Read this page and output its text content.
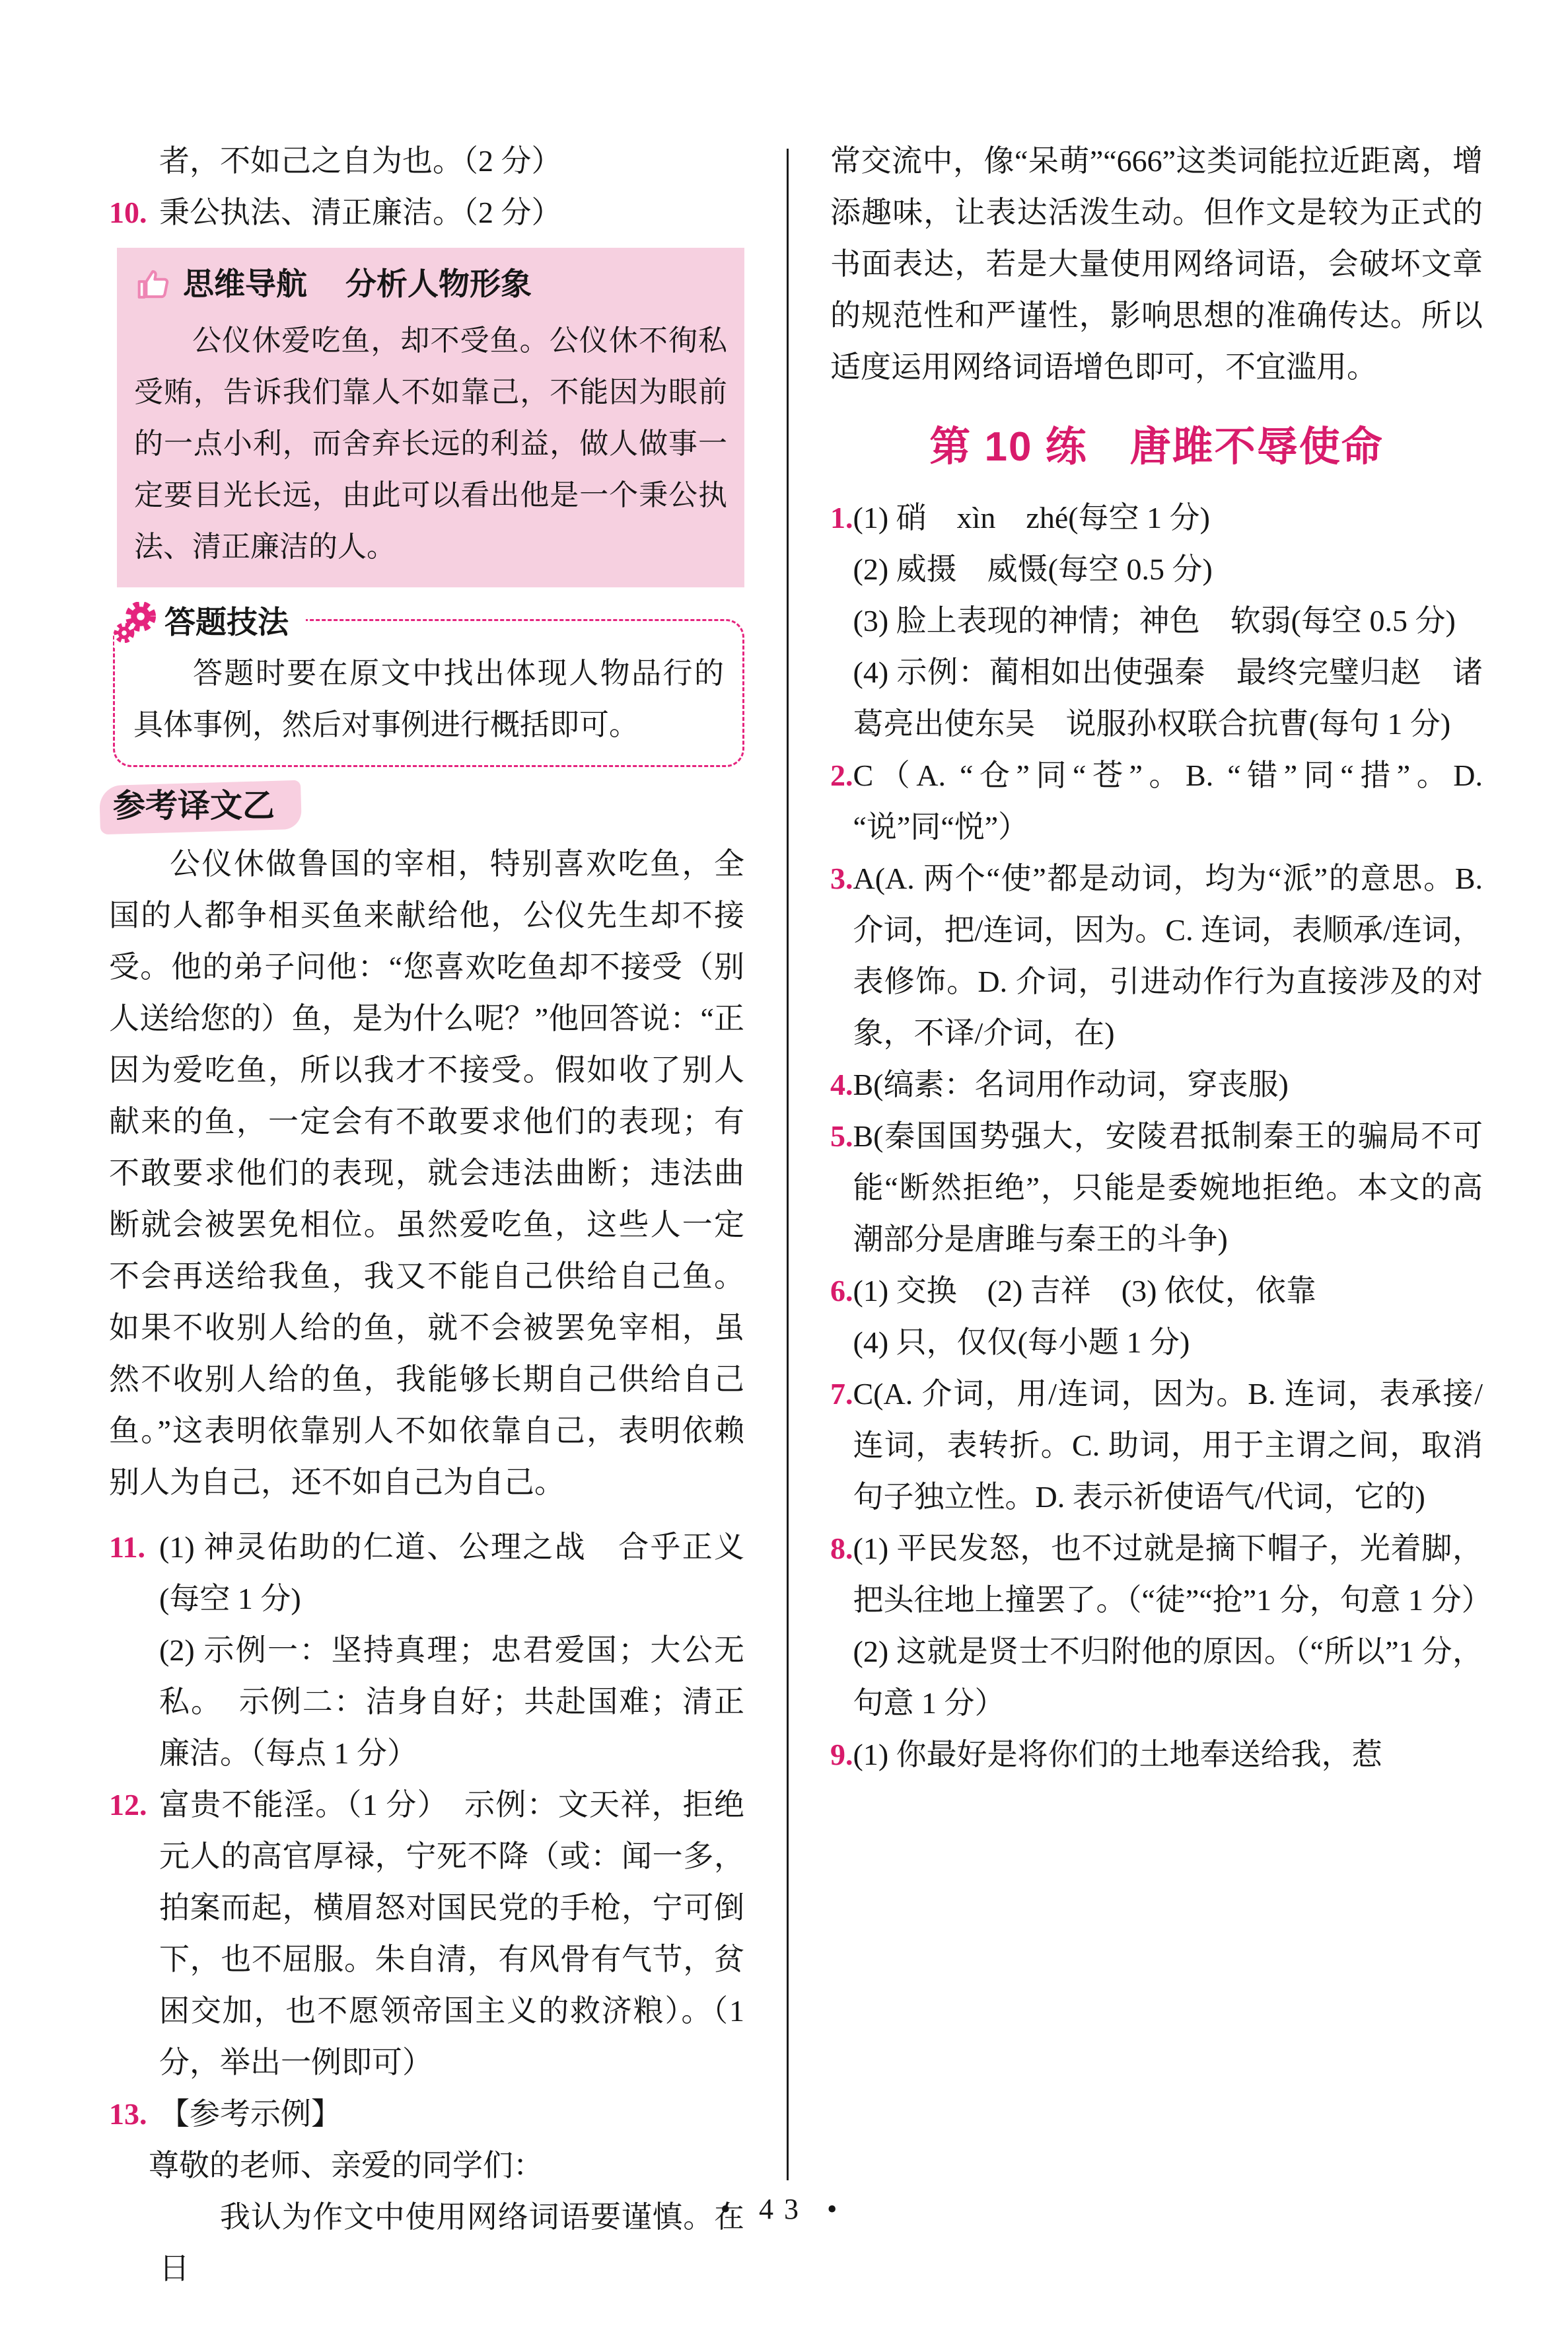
者，不如己之自为也。（2 分）

10. 秉公执法、清正廉洁。（2 分）

思维导航 分析人物形象

公仪休爱吃鱼，却不受鱼。公仪休不徇私受贿，告诉我们靠人不如靠己，不能因为眼前的一点小利，而舍弃长远的利益，做人做事一定要目光长远，由此可以看出他是一个秉公执法、清正廉洁的人。

答题技法

答题时要在原文中找出体现人物品行的具体事例，然后对事例进行概括即可。

参考译文乙

公仪休做鲁国的宰相，特别喜欢吃鱼，全国的人都争相买鱼来献给他，公仪先生却不接受。他的弟子问他：“您喜欢吃鱼却不接受（别人送给您的）鱼，是为什么呢？”他回答说：“正因为爱吃鱼，所以我才不接受。假如收了别人献来的鱼，一定会有不敢要求他们的表现；有不敢要求他们的表现，就会违法曲断；违法曲断就会被罢免相位。虽然爱吃鱼，这些人一定不会再送给我鱼，我又不能自己供给自己鱼。如果不收别人给的鱼，就不会被罢免宰相，虽然不收别人给的鱼，我能够长期自己供给自己鱼。”这表明依靠别人不如依靠自己，表明依赖别人为自己，还不如自己为自己。

11. (1) 神灵佑助的仁道、公理之战　合乎正义(每空 1 分)

(2) 示例一：坚持真理；忠君爱国；大公无私。　示例二：洁身自好；共赴国难；清正廉洁。（每点 1 分）

12. 富贵不能淫。（1 分）　示例：文天祥，拒绝元人的高官厚禄，宁死不降（或：闻一多，拍案而起，横眉怒对国民党的手枪，宁可倒下，也不屈服。朱自清，有风骨有气节，贫困交加，也不愿领帝国主义的救济粮）。（1 分，举出一例即可）

13. 【参考示例】

尊敬的老师、亲爱的同学们：

我认为作文中使用网络词语要谨慎。在日

常交流中，像“呆萌”“666”这类词能拉近距离，增添趣味，让表达活泼生动。但作文是较为正式的书面表达，若是大量使用网络词语，会破坏文章的规范性和严谨性，影响思想的准确传达。所以适度运用网络词语增色即可，不宜滥用。

第 10 练　唐雎不辱使命
1. (1) 硝　xìn　zhé(每空 1 分)

(2) 威摄　威慑(每空 0.5 分)

(3) 脸上表现的神情；神色　软弱(每空 0.5 分)

(4) 示例：蔺相如出使强秦　最终完璧归赵　诸葛亮出使东吴　说服孙权联合抗曹(每句 1 分)

2. C（A. “仓”同“苍”。B. “错”同“措”。D. “说”同“悦”）

3. A(A. 两个“使”都是动词，均为“派”的意思。B. 介词，把/连词，因为。C. 连词，表顺承/连词，表修饰。D. 介词，引进动作行为直接涉及的对象，不译/介词，在)

4. B(缟素：名词用作动词，穿丧服)

5. B(秦国国势强大，安陵君抵制秦王的骗局不可能“断然拒绝”，只能是委婉地拒绝。本文的高潮部分是唐雎与秦王的斗争)

6. (1) 交换　(2) 吉祥　(3) 依仗，依靠

(4) 只，仅仅(每小题 1 分)

7. C(A. 介词，用/连词，因为。B. 连词，表承接/连词，表转折。C. 助词，用于主谓之间，取消句子独立性。D. 表示祈使语气/代词，它的)

8. (1) 平民发怒，也不过就是摘下帽子，光着脚，把头往地上撞罢了。（“徒”“抢”1 分，句意 1 分）

(2) 这就是贤士不归附他的原因。（“所以”1 分，句意 1 分）

9. (1) 你最好是将你们的土地奉送给我，惹

• 43 •
